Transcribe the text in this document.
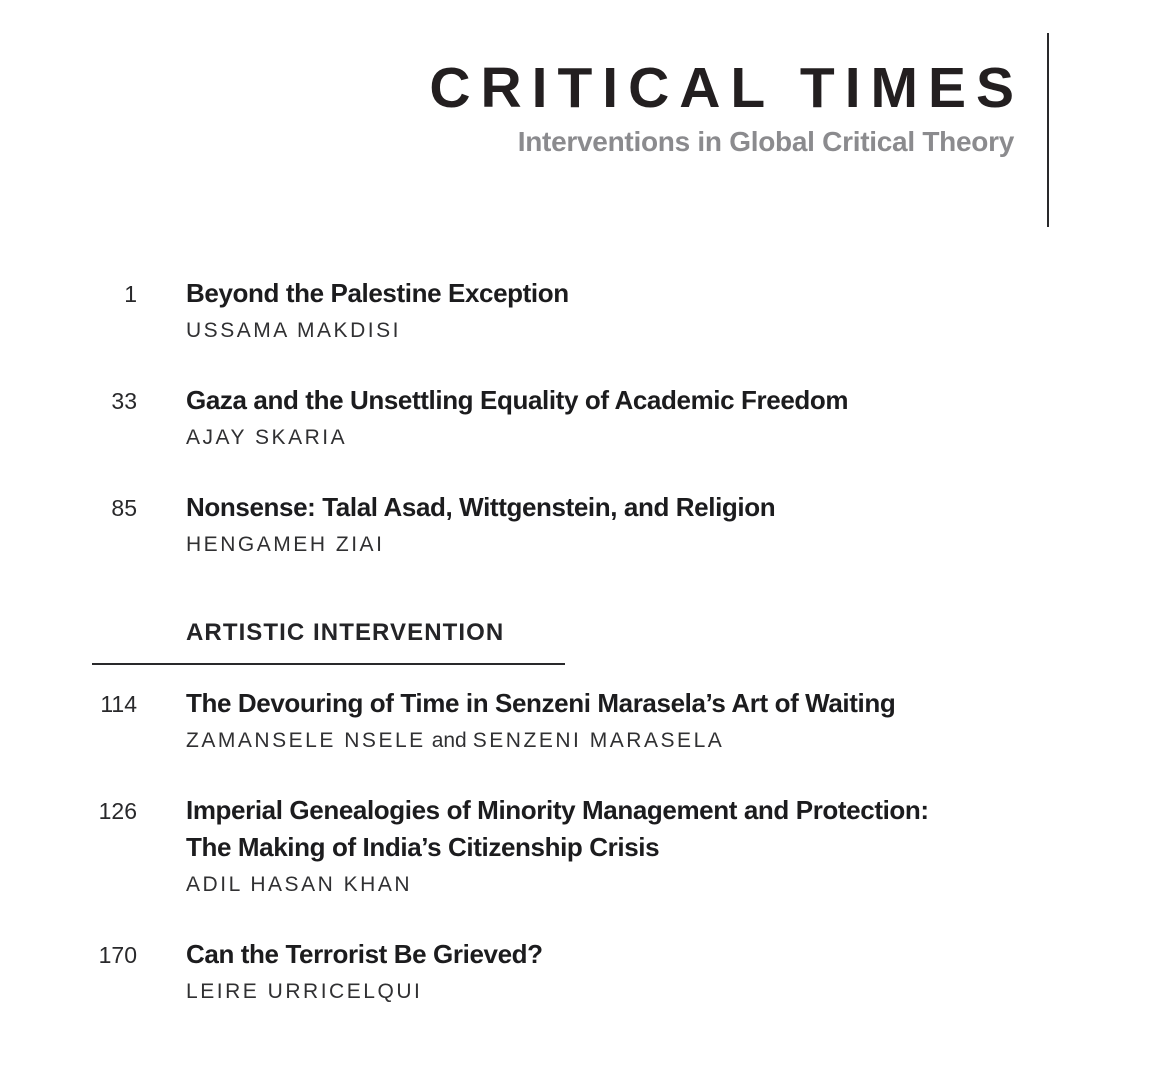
CRITICAL TIMES
Interventions in Global Critical Theory
1 Beyond the Palestine Exception
USSAMA MAKDISI
33 Gaza and the Unsettling Equality of Academic Freedom
AJAY SKARIA
85 Nonsense: Talal Asad, Wittgenstein, and Religion
HENGAMEH ZIAI
ARTISTIC INTERVENTION
114 The Devouring of Time in Senzeni Marasela’s Art of Waiting
ZAMANSELE NSELE and SENZENI MARASELA
126 Imperial Genealogies of Minority Management and Protection:
The Making of India’s Citizenship Crisis
ADIL HASAN KHAN
170 Can the Terrorist Be Grieved?
LEIRE URRICELQUI
